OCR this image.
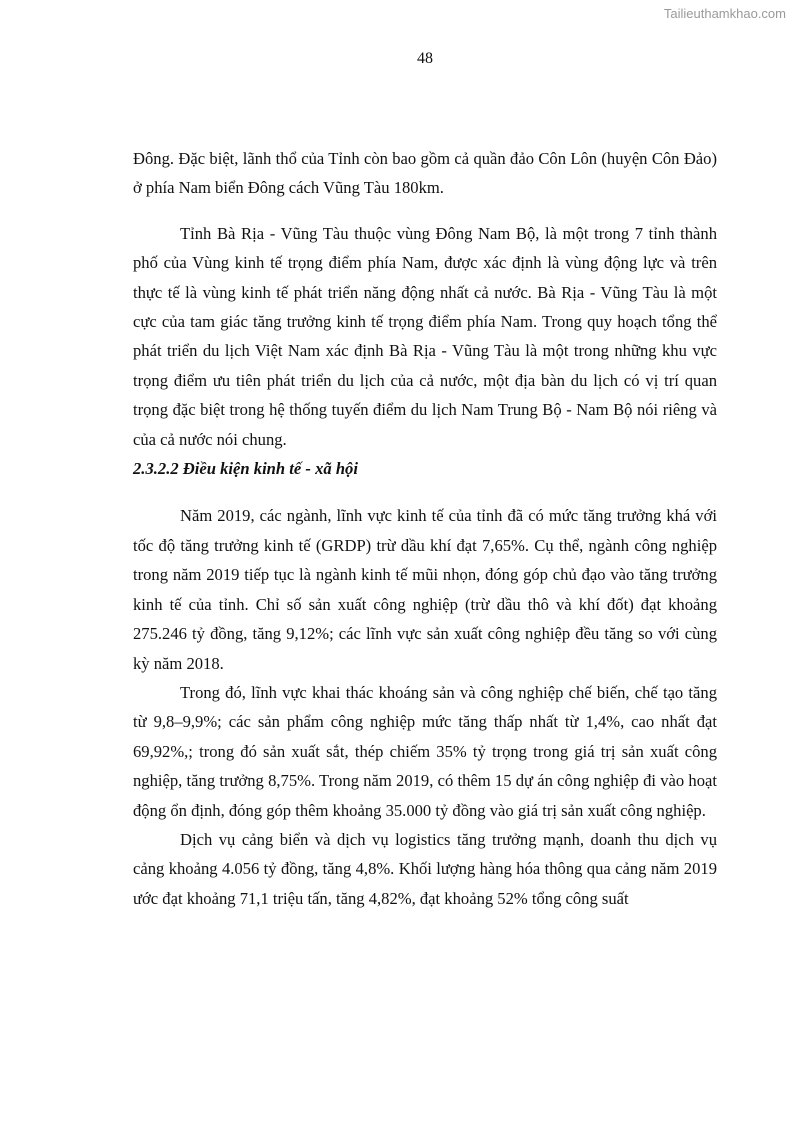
Tailieuthamkhao.com
48

Đông. Đặc biệt, lãnh thổ của Tỉnh còn bao gồm cả quần đảo Côn Lôn (huyện Côn Đảo) ở phía Nam biển Đông cách Vũng Tàu 180km.

Tỉnh Bà Rịa - Vũng Tàu thuộc vùng Đông Nam Bộ, là một trong 7 tỉnh thành phố của Vùng kinh tế trọng điểm phía Nam, được xác định là vùng động lực và trên thực tế là vùng kinh tế phát triển năng động nhất cả nước. Bà Rịa - Vũng Tàu là một cực của tam giác tăng trưởng kinh tế trọng điểm phía Nam. Trong quy hoạch tổng thể phát triển du lịch Việt Nam xác định Bà Rịa - Vũng Tàu là một trong những khu vực trọng điểm ưu tiên phát triển du lịch của cả nước, một địa bàn du lịch có vị trí quan trọng đặc biệt trong hệ thống tuyến điểm du lịch Nam Trung Bộ - Nam Bộ nói riêng và của cả nước nói chung.

2.3.2.2 Điều kiện kinh tế - xã hội

Năm 2019, các ngành, lĩnh vực kinh tế của tỉnh đã có mức tăng trưởng khá với tốc độ tăng trưởng kinh tế (GRDP) trừ dầu khí đạt 7,65%. Cụ thể, ngành công nghiệp trong năm 2019 tiếp tục là ngành kinh tế mũi nhọn, đóng góp chủ đạo vào tăng trưởng kinh tế của tỉnh. Chỉ số sản xuất công nghiệp (trừ dầu thô và khí đốt) đạt khoảng 275.246 tỷ đồng, tăng 9,12%; các lĩnh vực sản xuất công nghiệp đều tăng so với cùng kỳ năm 2018.

Trong đó, lĩnh vực khai thác khoáng sản và công nghiệp chế biến, chế tạo tăng từ 9,8–9,9%; các sản phẩm công nghiệp mức tăng thấp nhất từ 1,4%, cao nhất đạt 69,92%,; trong đó sản xuất sắt, thép chiếm 35% tỷ trọng trong giá trị sản xuất công nghiệp, tăng trưởng 8,75%. Trong năm 2019, có thêm 15 dự án công nghiệp đi vào hoạt động ổn định, đóng góp thêm khoảng 35.000 tỷ đồng vào giá trị sản xuất công nghiệp.

Dịch vụ cảng biển và dịch vụ logistics tăng trưởng mạnh, doanh thu dịch vụ cảng khoảng 4.056 tỷ đồng, tăng 4,8%. Khối lượng hàng hóa thông qua cảng năm 2019 ước đạt khoảng 71,1 triệu tấn, tăng 4,82%, đạt khoảng 52% tổng công suất
